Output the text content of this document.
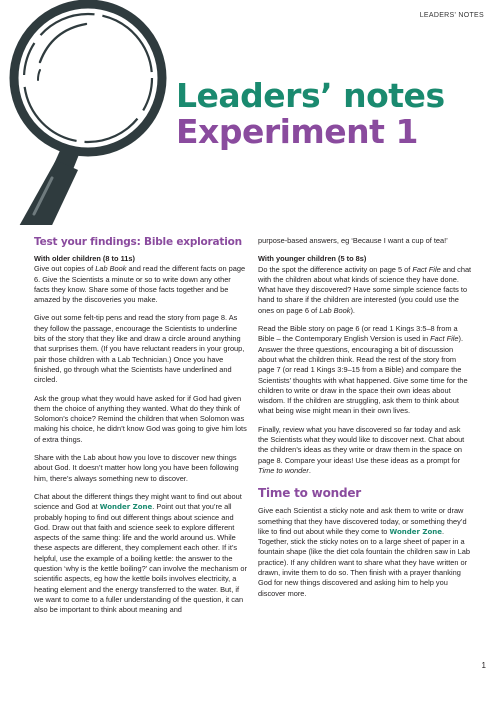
LEADERS' NOTES
Leaders’ notes
Experiment 1
Test your findings: Bible exploration

With older children (8 to 11s)

Give out copies of Lab Book and read the different facts on page 6. Give the Scientists a minute or so to write down any other facts they know. Share some of those facts together and be amazed by the discoveries you make.

Give out some felt-tip pens and read the story from page 8. As they follow the passage, encourage the Scientists to underline bits of the story that they like and draw a circle around anything that surprises them. (If you have reluctant readers in your group, pair those children with a Lab Technician.) Once you have finished, go through what the Scientists have underlined and circled.

Ask the group what they would have asked for if God had given them the choice of anything they wanted. What do they think of Solomon’s choice? Remind the children that when Solomon was making his choice, he didn’t know God was going to give him lots of extra things.

Share with the Lab about how you love to discover new things about God. It doesn’t matter how long you have been following him, there’s always something new to discover.

Chat about the different things they might want to find out about science and God at Wonder Zone. Point out that you’re all probably hoping to find out different things about science and God. Draw out that faith and science seek to explore different aspects of the same thing: life and the world around us. While these aspects are different, they complement each other. If it’s helpful, use the example of a boiling kettle: the answer to the question ‘why is the kettle boiling?’ can involve the mechanism or scientific aspects, eg how the kettle boils involves electricity, a heating element and the energy transferred to the water. But, if we want to come to a fuller understanding of the question, it can also be important to think about meaning and

purpose-based answers, eg ‘Because I want a cup of tea!’

With younger children (5 to 8s)

Do the spot the difference activity on page 5 of Fact File and chat with the children about what kinds of science they have done. What have they discovered? Have some simple science facts to hand to share if the children are interested (you could use the ones on page 6 of Lab Book).

Read the Bible story on page 6 (or read 1 Kings 3:5–8 from a Bible – the Contemporary English Version is used in Fact File). Answer the three questions, encouraging a bit of discussion about what the children think. Read the rest of the story from page 7 (or read 1 Kings 3:9–15 from a Bible) and compare the Scientists’ thoughts with what happened. Give some time for the children to write or draw in the space their own ideas about wisdom. If the children are struggling, ask them to think about what being wise might mean in their own lives.

Finally, review what you have discovered so far today and ask the Scientists what they would like to discover next. Chat about the children’s ideas as they write or draw them in the space on page 8. Compare your ideas! Use these ideas as a prompt for Time to wonder.

Time to wonder

Give each Scientist a sticky note and ask them to write or draw something that they have discovered today, or something they’d like to find out about while they come to Wonder Zone. Together, stick the sticky notes on to a large sheet of paper in a fountain shape (like the diet cola fountain the children saw in Lab practice). If any children want to share what they have written or drawn, invite them to do so. Then finish with a prayer thanking God for new things discovered and asking him to help you discover more.

1
